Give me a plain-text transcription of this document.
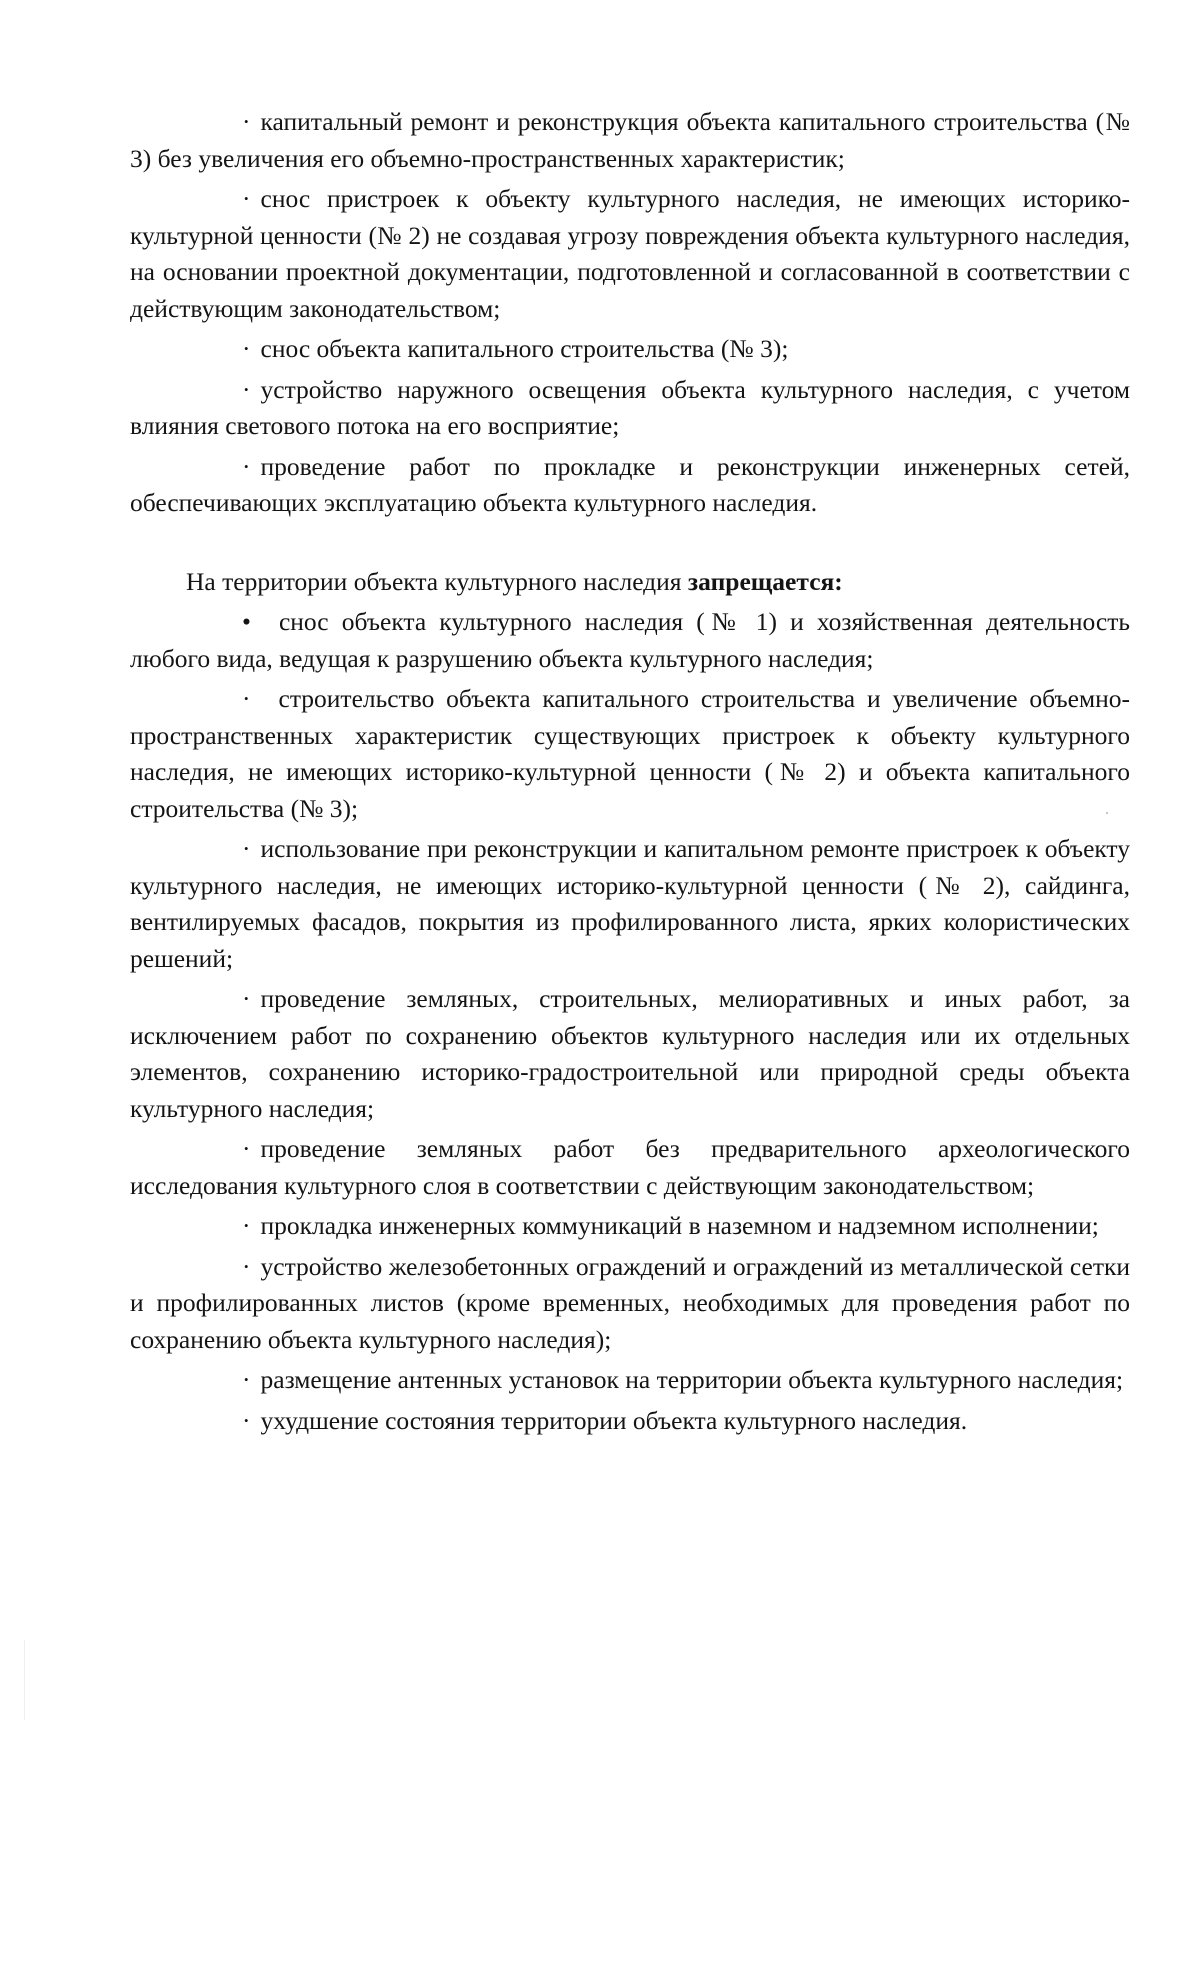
· капитальный ремонт и реконструкция объекта капитального строительства (№ 3) без увеличения его объемно-пространственных характеристик;

· снос пристроек к объекту культурного наследия, не имеющих историко-культурной ценности (№ 2) не создавая угрозу повреждения объекта культурного наследия, на основании проектной документации, подготовленной и согласованной в соответствии с действующим законодательством;

· снос объекта капитального строительства (№ 3);

· устройство наружного освещения объекта культурного наследия, с учетом влияния светового потока на его восприятие;

· проведение работ по прокладке и реконструкции инженерных сетей, обеспечивающих эксплуатацию объекта культурного наследия.

На территории объекта культурного наследия запрещается:

• снос объекта культурного наследия (№ 1) и хозяйственная деятельность любого вида, ведущая к разрушению объекта культурного наследия;

· строительство объекта капитального строительства и увеличение объемно-пространственных характеристик существующих пристроек к объекту культурного наследия, не имеющих историко-культурной ценности (№ 2) и объекта капитального строительства (№ 3);

· использование при реконструкции и капитальном ремонте пристроек к объекту культурного наследия, не имеющих историко-культурной ценности (№ 2), сайдинга, вентилируемых фасадов, покрытия из профилированного листа, ярких колористических решений;

· проведение земляных, строительных, мелиоративных и иных работ, за исключением работ по сохранению объектов культурного наследия или их отдельных элементов, сохранению историко-градостроительной или природной среды объекта культурного наследия;

· проведение земляных работ без предварительного археологического исследования культурного слоя в соответствии с действующим законодательством;

· прокладка инженерных коммуникаций в наземном и надземном исполнении;

· устройство железобетонных ограждений и ограждений из металлической сетки и профилированных листов (кроме временных, необходимых для проведения работ по сохранению объекта культурного наследия);

· размещение антенных установок на территории объекта культурного наследия;

· ухудшение состояния территории объекта культурного наследия.
